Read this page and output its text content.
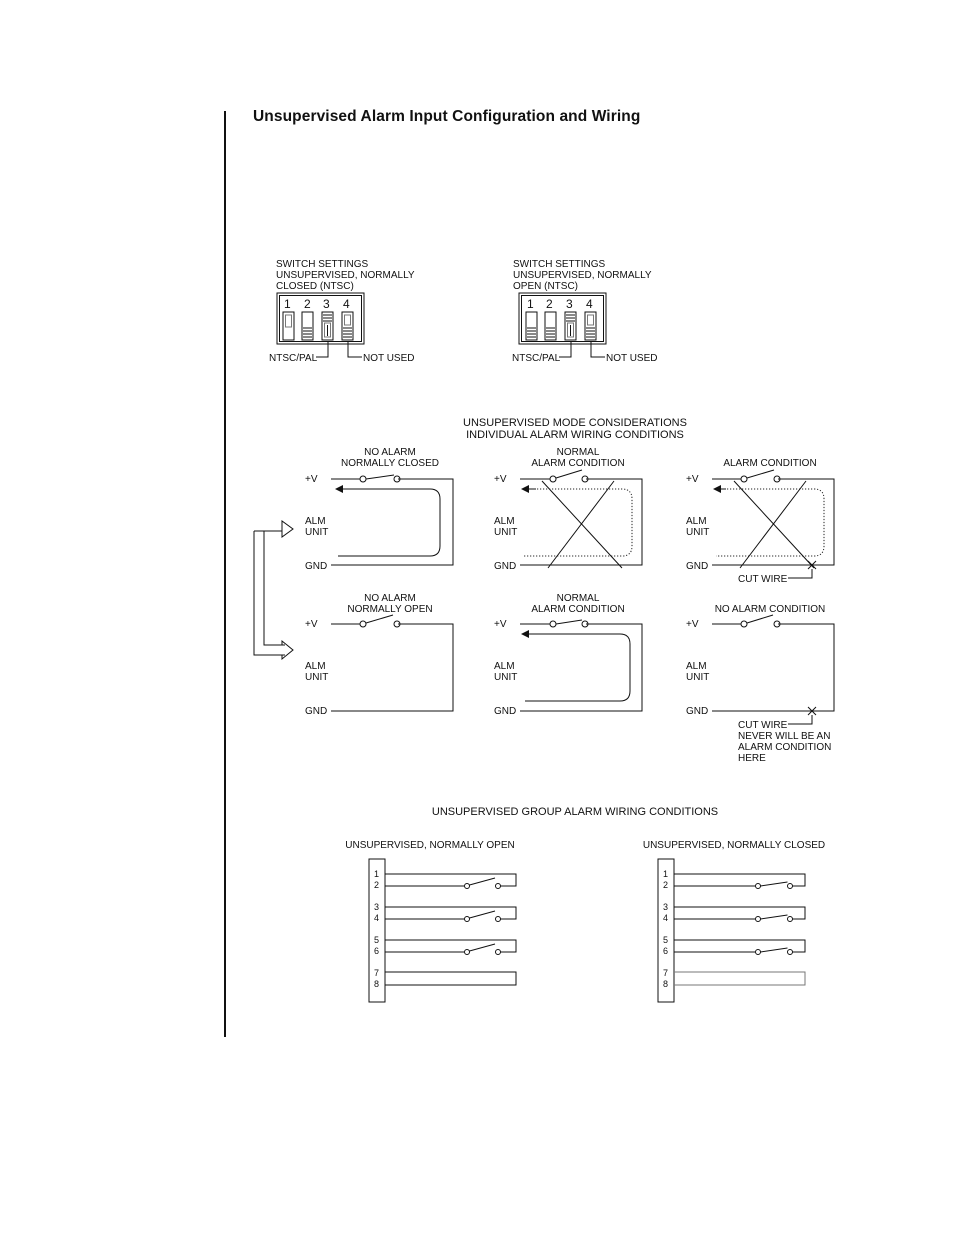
Unsupervised Alarm Input Configuration and Wiring
SWITCH SETTINGS
UNSUPERVISED, NORMALLY
CLOSED (NTSC)
1 2 3 4
NTSC/PAL	NOT USED
SWITCH SETTINGS
UNSUPERVISED, NORMALLY
OPEN (NTSC)
1 2 3 4
NTSC/PAL	NOT USED
UNSUPERVISED MODE CONSIDERATIONS
INDIVIDUAL ALARM WIRING CONDITIONS
NO ALARM
NORMALLY CLOSED
+V
ALM
UNIT
GND
NORMAL
ALARM CONDITION
+V
ALM
UNIT
GND
ALARM CONDITION
+V
ALM
UNIT
GND
CUT WIRE
NO ALARM
NORMALLY OPEN
+V
ALM
UNIT
GND
NORMAL
ALARM CONDITION
+V
ALM
UNIT
GND
NO ALARM CONDITION
+V
ALM
UNIT
GND
CUT WIRE
NEVER WILL BE AN
ALARM CONDITION
HERE
UNSUPERVISED GROUP ALARM WIRING CONDITIONS
UNSUPERVISED, NORMALLY OPEN
1
2
3
4
5
6
7
8
UNSUPERVISED, NORMALLY CLOSED
1
2
3
4
5
6
7
8
